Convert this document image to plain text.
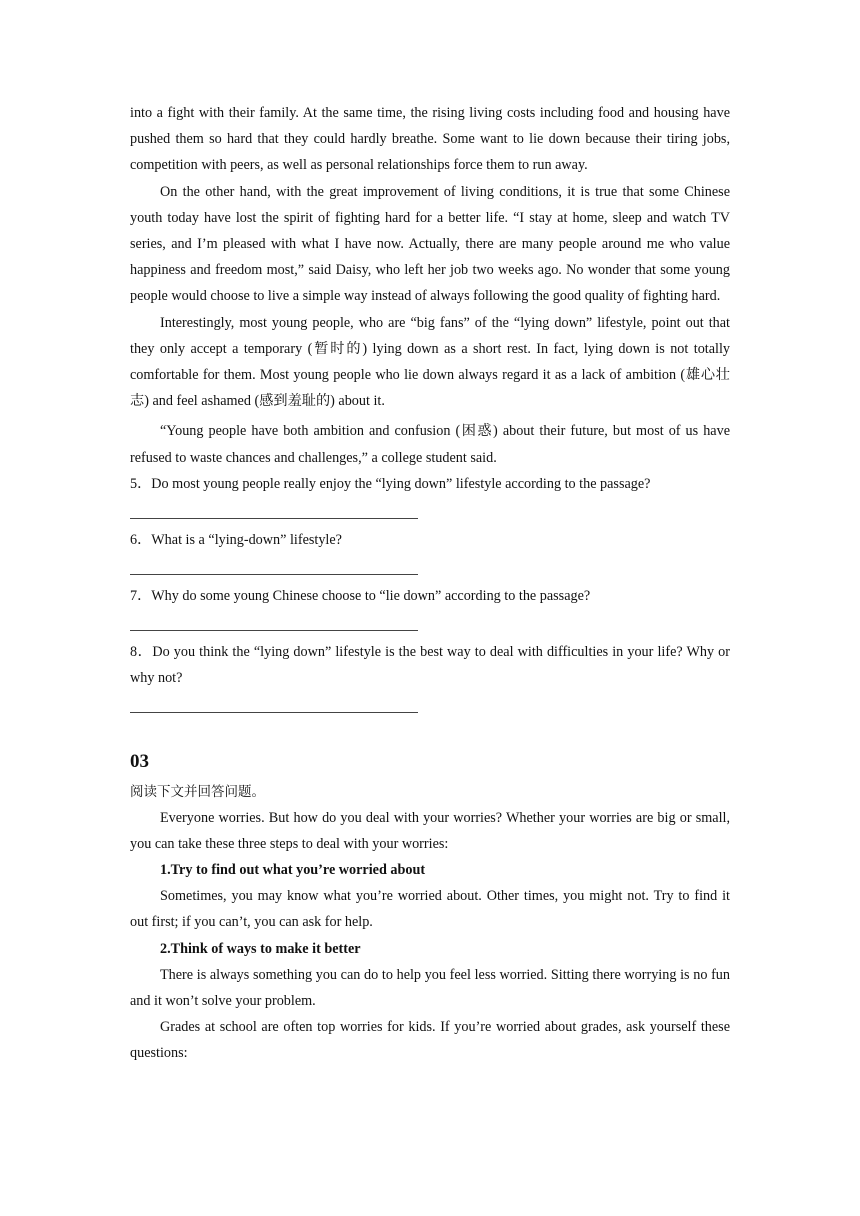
into a fight with their family. At the same time, the rising living costs including food and housing have pushed them so hard that they could hardly breathe. Some want to lie down because their tiring jobs, competition with peers, as well as personal relationships force them to run away.

On the other hand, with the great improvement of living conditions, it is true that some Chinese youth today have lost the spirit of fighting hard for a better life. “I stay at home, sleep and watch TV series, and I’m pleased with what I have now. Actually, there are many people around me who value happiness and freedom most,” said Daisy, who left her job two weeks ago. No wonder that some young people would choose to live a simple way instead of always following the good quality of fighting hard.

Interestingly, most young people, who are “big fans” of the “lying down” lifestyle, point out that they only accept a temporary (暂时的) lying down as a short rest. In fact, lying down is not totally comfortable for them. Most young people who lie down always regard it as a lack of ambition (雄心壮志) and feel ashamed (感到羞耻的) about it.

“Young people have both ambition and confusion (困惑) about their future, but most of us have refused to waste chances and challenges,” a college student said.

5．Do most young people really enjoy the “lying down” lifestyle according to the passage?

6．What is a “lying-down” lifestyle?

7．Why do some young Chinese choose to “lie down” according to the passage?

8．Do you think the “lying down” lifestyle is the best way to deal with difficulties in your life? Why or why not?

03

阅读下文并回答问题。

Everyone worries. But how do you deal with your worries? Whether your worries are big or small, you can take these three steps to deal with your worries:

1.Try to find out what you’re worried about

Sometimes, you may know what you’re worried about. Other times, you might not. Try to find it out first; if you can’t, you can ask for help.

2.Think of ways to make it better

There is always something you can do to help you feel less worried. Sitting there worrying is no fun and it won’t solve your problem.

Grades at school are often top worries for kids. If you’re worried about grades, ask yourself these questions:
